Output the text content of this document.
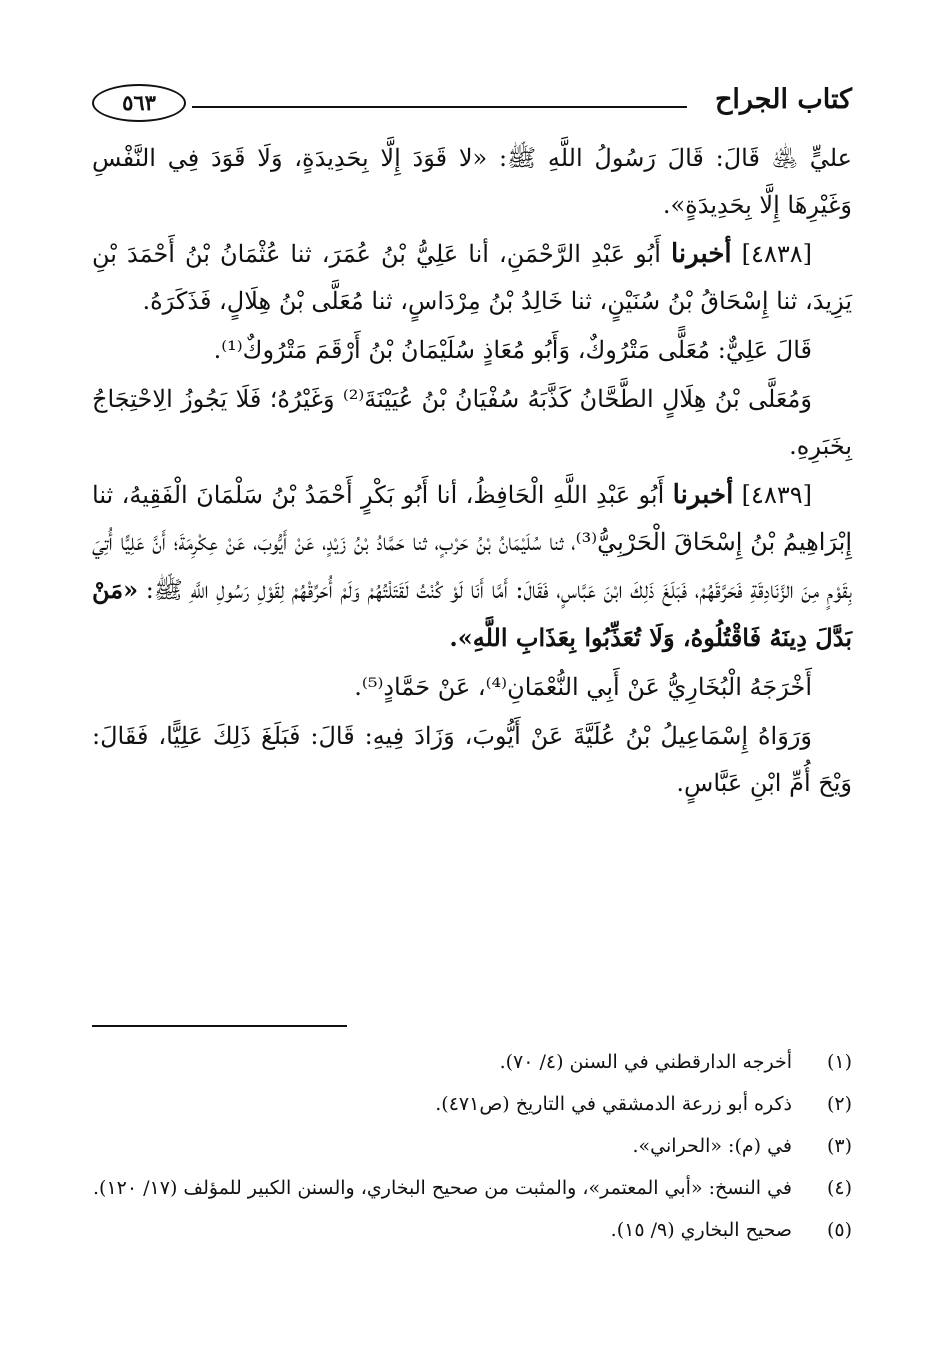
كتاب الجراح
٥٦٣

عليٍّ ﵁ قَالَ: قَالَ رَسُولُ اللَّهِ ﷺ: «لا قَوَدَ إِلَّا بِحَدِيدَةٍ، وَلَا قَوَدَ فِي النَّفْسِ وَغَيْرِهَا إِلَّا بِحَدِيدَةٍ».

[٤٨٣٨] أخبرنا أَبُو عَبْدِ الرَّحْمَنِ، أنا عَلِيُّ بْنُ عُمَرَ، ثنا عُثْمَانُ بْنُ أَحْمَدَ بْنِ يَزِيدَ، ثنا إِسْحَاقُ بْنُ سُنَيْنٍ، ثنا خَالِدُ بْنُ مِرْدَاسٍ، ثنا مُعَلَّى بْنُ هِلَالٍ، فَذَكَرَهُ.

قَالَ عَلِيٌّ: مُعَلًّى مَتْرُوكٌ، وَأَبُو مُعَاذٍ سُلَيْمَانُ بْنُ أَرْقَمَ مَتْرُوكٌ⁽¹⁾.

وَمُعَلَّى بْنُ هِلَالٍ الطَّحَّانُ كَذَّبَهُ سُفْيَانُ بْنُ عُيَيْنَةَ⁽²⁾ وَغَيْرُهُ؛ فَلَا يَجُوزُ الِاحْتِجَاجُ بِخَبَرِهِ.

[٤٨٣٩] أخبرنا أَبُو عَبْدِ اللَّهِ الْحَافِظُ، أنا أَبُو بَكْرٍ أَحْمَدُ بْنُ سَلْمَانَ الْفَقِيهُ، ثنا إِبْرَاهِيمُ بْنُ إِسْحَاقَ الْحَرْبِيُّ⁽³⁾، ثنا سُلَيْمَانُ بْنُ حَرْبٍ، ثنا حَمَّادُ بْنُ زَيْدٍ، عَنْ أَيُّوبَ، عَنْ عِكْرِمَةَ؛ أَنَّ عَلِيًّا أُتِيَ بِقَوْمٍ مِنَ الزَّنَادِقَةِ فَحَرَّقَهُمْ، فَبَلَغَ ذَلِكَ ابْنَ عَبَّاسٍ، فَقَالَ: أَمَّا أَنَا لَوْ كُنْتُ لَقَتَلْتُهُمْ وَلَمْ أُحَرِّقْهُمْ لِقَوْلِ رَسُولِ اللَّهِ ﷺ: «مَنْ بَدَّلَ دِينَهُ فَاقْتُلُوهُ، وَلَا تُعَذِّبُوا بِعَذَابِ اللَّهِ».

أَخْرَجَهُ الْبُخَارِيُّ عَنْ أَبِي النُّعْمَانِ⁽⁴⁾، عَنْ حَمَّادٍ⁽⁵⁾.

وَرَوَاهُ إِسْمَاعِيلُ بْنُ عُلَيَّةَ عَنْ أَيُّوبَ، وَزَادَ فِيهِ: قَالَ: فَبَلَغَ ذَلِكَ عَلِيًّا، فَقَالَ: وَيْحَ أُمِّ ابْنِ عَبَّاسٍ.

(١)
أخرجه الدارقطني في السنن (٤/ ٧٠).
(٢)
ذكره أبو زرعة الدمشقي في التاريخ (ص٤٧١).
(٣)
في (م): «الحراني».
(٤)
في النسخ: «أبي المعتمر»، والمثبت من صحيح البخاري، والسنن الكبير للمؤلف (١٧/ ١٢٠).
(٥)
صحيح البخاري (٩/ ١٥).
